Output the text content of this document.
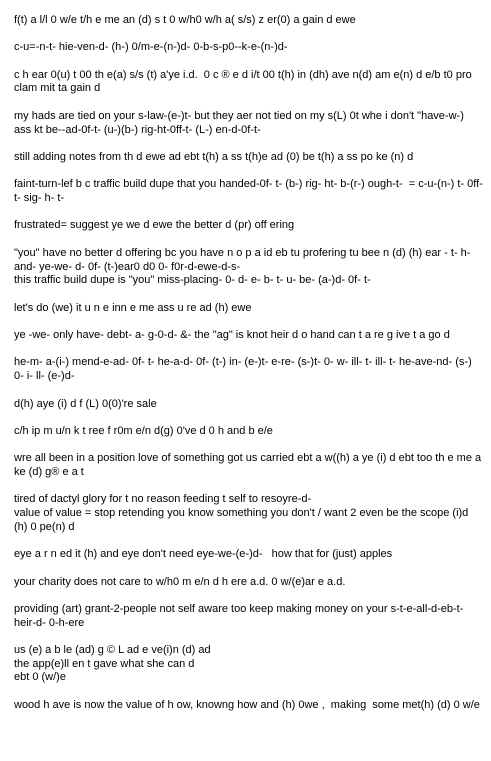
f(t) a l/l 0 w/e t/h e me an (d) s t 0 w/h0 w/h a( s/s) z er(0) a gain d ewe

c-u=-n-t- hie-ven-d- (h-) 0/m-e-(n-)d- 0-b-s-p0--k-e-(n-)d-

c h ear 0(u) t 00 th e(a) s/s (t) a'ye i.d.  0 c ® e d i/t 00 t(h) in (dh) ave n(d) am e(n) d e/b t0 pro clam mit ta gain d

my hads are tied on your s-law-(e-)t- but they aer not tied on my s(L) 0t whe i don't "have-w-) ass kt be--ad-0f-t- (u-)(b-) rig-ht-0ff-t- (L-) en-d-0f-t-

still adding notes from th d ewe ad ebt t(h) a ss t(h)e ad (0) be t(h) a ss po ke (n) d

faint-turn-lef b c traffic build dupe that you handed-0f- t- (b-) rig- ht- b-(r-) ough-t-  = c-u-(n-) t- 0ff- t- sig- h- t-

frustrated= suggest ye we d ewe the better d (pr) off ering

"you" have no better d offering bc you have n o p a id eb tu profering tu bee n (d) (h) ear - t- h-and- ye-we- d- 0f- (t-)ear0 d0 0- f0r-d-ewe-d-s-
this traffic build dupe is "you" miss-placing- 0- d- e- b- t- u- be- (a-)d- 0f- t-

let's do (we) it u n e inn e me ass u re ad (h) ewe

ye -we- only have- debt- a- g-0-d- &- the "ag" is knot heir d o hand can t a re g ive t a go d

he-m- a-(i-) mend-e-ad- 0f- t- he-a-d- 0f- (t-) in- (e-)t- e-re- (s-)t- 0- w- ill- t- ill- t- he-ave-nd- (s-) 0- i- ll- (e-)d-

d(h) aye (i) d f (L) 0(0)'re sale

c/h ip m u/n k t ree f r0m e/n d(g) 0've d 0 h and b e/e

wre all been in a position love of something got us carried ebt a w((h) a ye (i) d ebt too th e me a ke (d) g® e a t

tired of dactyl glory for t no reason feeding t self to resoyre-d-
value of value = stop retending you know something you don't / want 2 even be the scope (i)d (h) 0 pe(n) d

eye a r n ed it (h) and eye don't need eye-we-(e-)d-   how that for (just) apples

your charity does not care to w/h0 m e/n d h ere a.d. 0 w/(e)ar e a.d.

providing (art) grant-2-people not self aware too keep making money on your s-t-e-all-d-eb-t-heir-d- 0-h-ere

us (e) a b le (ad) g © L ad e ve(i)n (d) ad
the app(e)ll en t gave what she can d
ebt 0 (w/)e

wood h ave is now the value of h ow, knowng how and (h) 0we ,  making  some met(h) (d) 0 w/e
